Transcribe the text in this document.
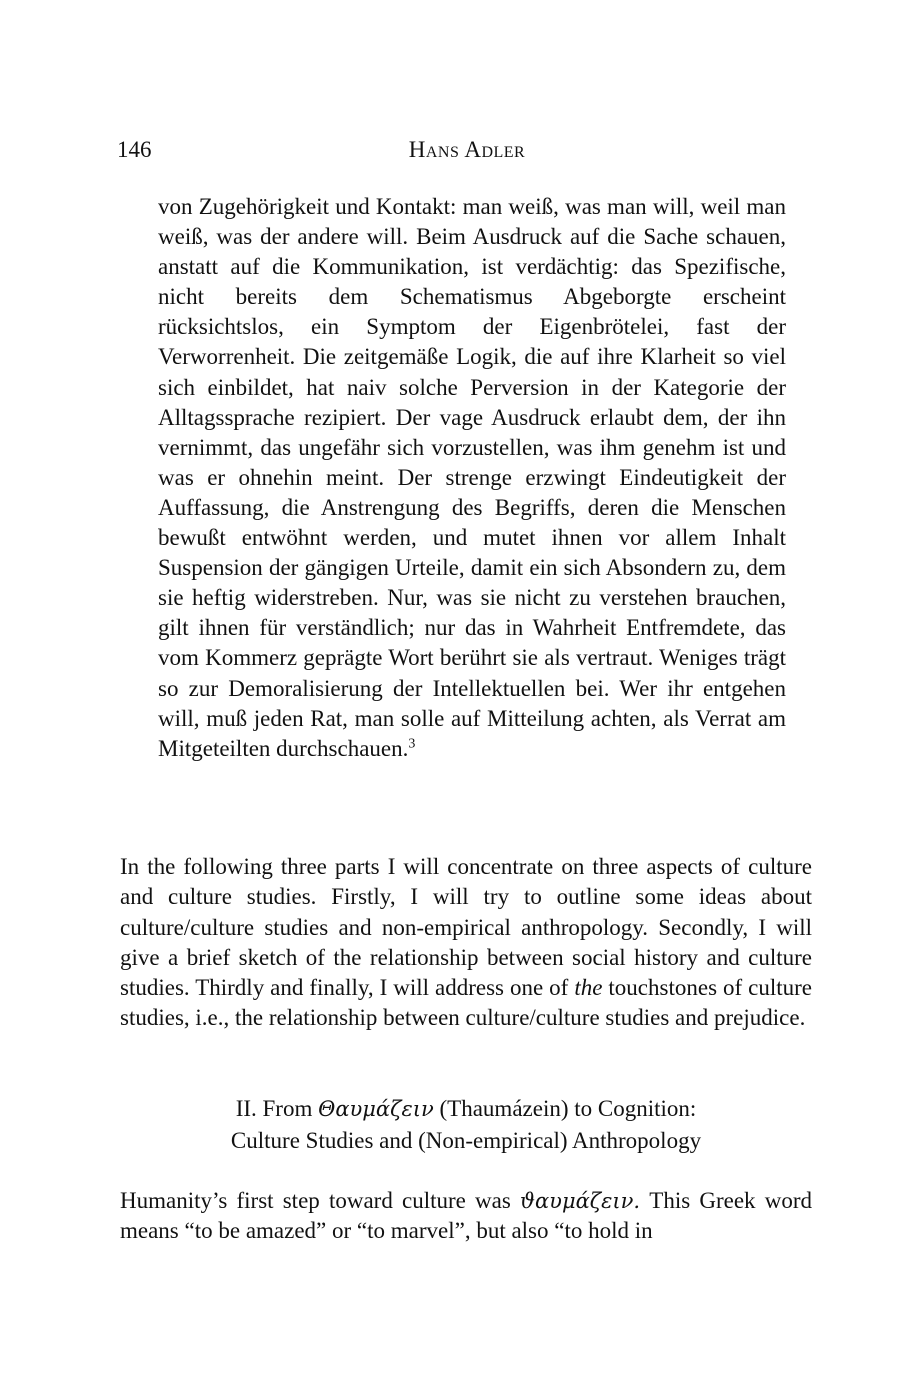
146	Hans Adler
von Zugehörigkeit und Kontakt: man weiß, was man will, weil man weiß, was der andere will. Beim Ausdruck auf die Sache schauen, anstatt auf die Kommunikation, ist verdächtig: das Spezifische, nicht bereits dem Schematismus Abgeborgte erscheint rücksichtslos, ein Symptom der Eigenbrötelei, fast der Verworrenheit. Die zeitgemäße Logik, die auf ihre Klarheit so viel sich einbildet, hat naiv solche Perversion in der Kategorie der Alltagssprache rezipiert. Der vage Ausdruck erlaubt dem, der ihn vernimmt, das ungefähr sich vorzustellen, was ihm genehm ist und was er ohnehin meint. Der strenge erzwingt Eindeutigkeit der Auffassung, die Anstrengung des Begriffs, deren die Menschen bewußt entwöhnt werden, und mutet ihnen vor allem Inhalt Suspension der gängigen Urteile, damit ein sich Absondern zu, dem sie heftig widerstreben. Nur, was sie nicht zu verstehen brauchen, gilt ihnen für verständlich; nur das in Wahrheit Entfremdete, das vom Kommerz geprägte Wort berührt sie als vertraut. Weniges trägt so zur Demoralisierung der Intellektuellen bei. Wer ihr entgehen will, muß jeden Rat, man solle auf Mitteilung achten, als Verrat am Mitgeteilten durchschauen.$^3$
In the following three parts I will concentrate on three aspects of culture and culture studies. Firstly, I will try to outline some ideas about culture/culture studies and non-empirical anthropology. Secondly, I will give a brief sketch of the relationship between social history and culture studies. Thirdly and finally, I will address one of the touchstones of culture studies, i.e., the relationship between culture/culture studies and prejudice.
II. From Θαυμάζειν (Thaumázein) to Cognition:
Culture Studies and (Non-empirical) Anthropology
Humanity’s first step toward culture was ϑαυμάζειν. This Greek word means “to be amazed” or “to marvel”, but also “to hold in
